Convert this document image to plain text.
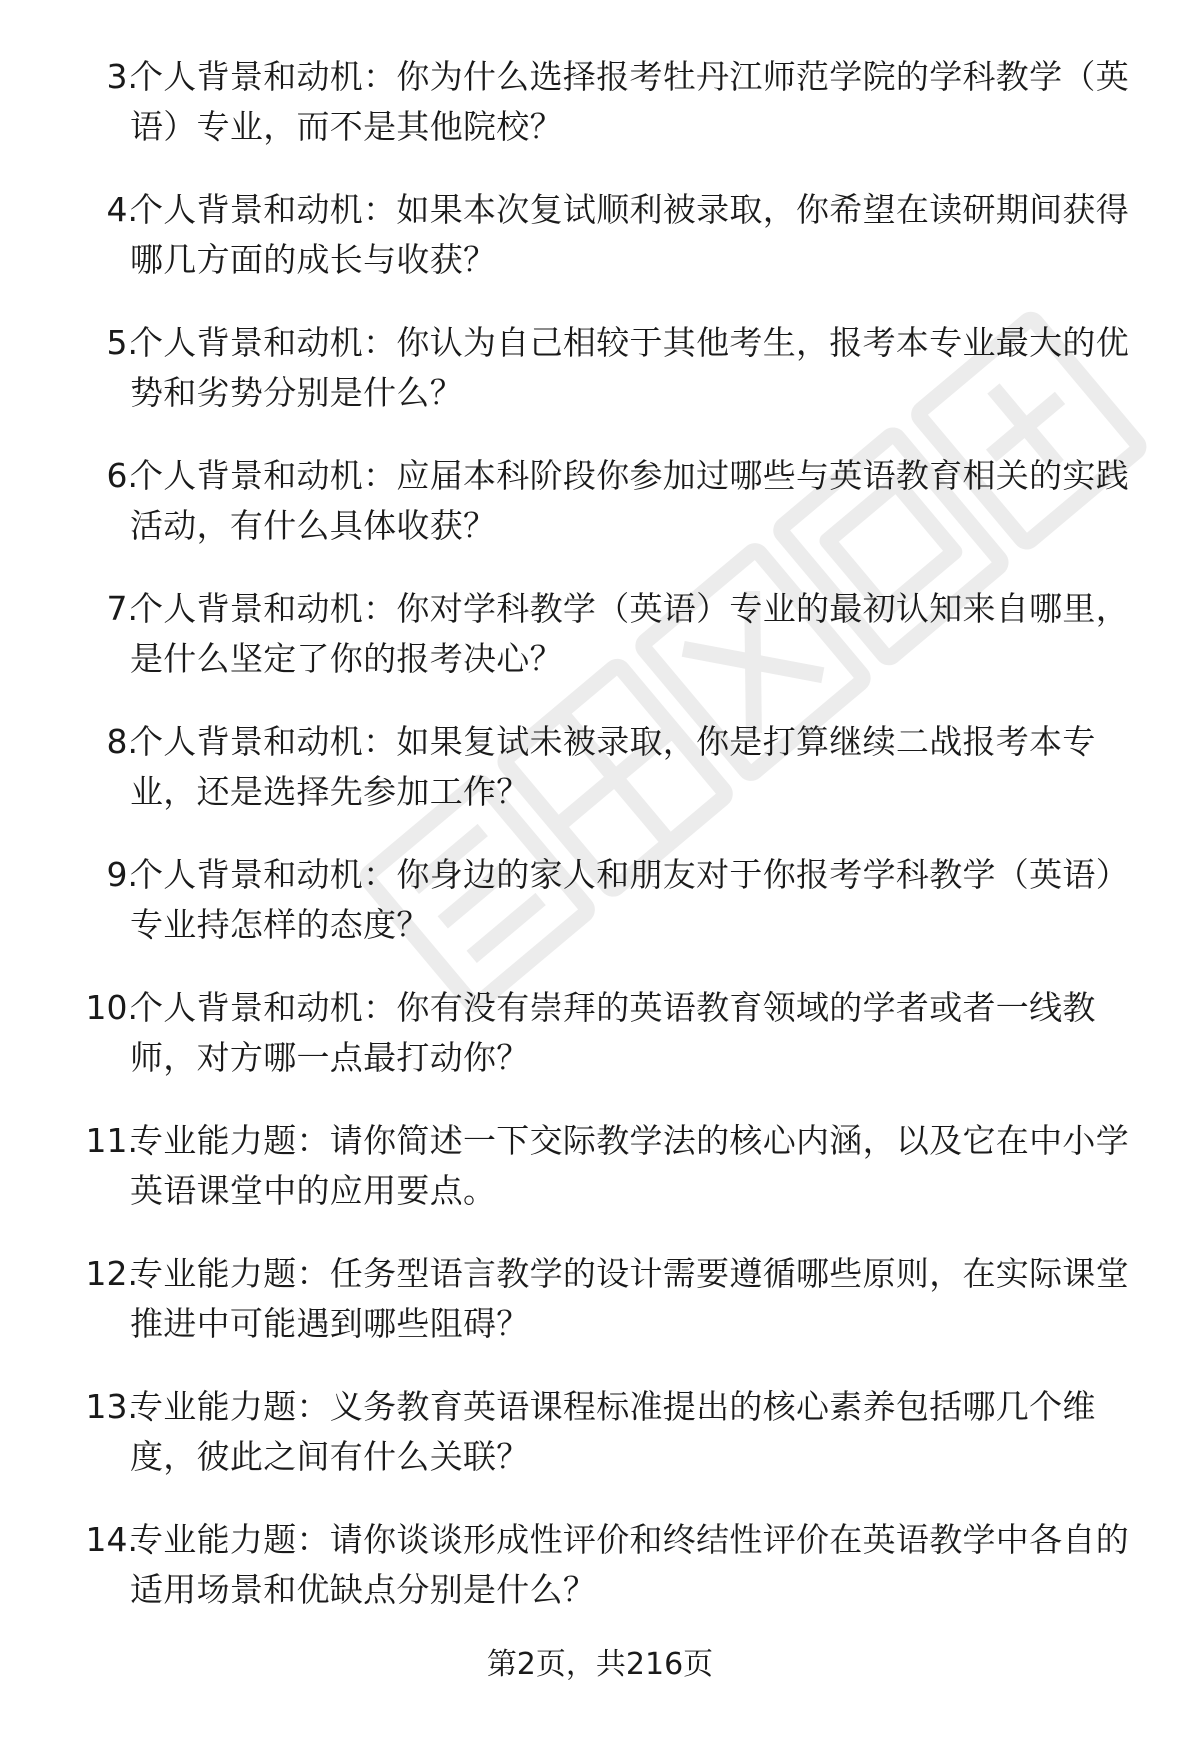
3.
个人背景和动机：你为什么选择报考牡丹江师范学院的学科教学（英语）专业，而不是其他院校？
4.
个人背景和动机：如果本次复试顺利被录取，你希望在读研期间获得哪几方面的成长与收获？
5.
个人背景和动机：你认为自己相较于其他考生，报考本专业最大的优势和劣势分别是什么？
6.
个人背景和动机：应届本科阶段你参加过哪些与英语教育相关的实践活动，有什么具体收获？
7.
个人背景和动机：你对学科教学（英语）专业的最初认知来自哪里，是什么坚定了你的报考决心？
8.
个人背景和动机：如果复试未被录取，你是打算继续二战报考本专业，还是选择先参加工作？
9.
个人背景和动机：你身边的家人和朋友对于你报考学科教学（英语）专业持怎样的态度？
10.
个人背景和动机：你有没有崇拜的英语教育领域的学者或者一线教师，对方哪一点最打动你？
11.
专业能力题：请你简述一下交际教学法的核心内涵，以及它在中小学英语课堂中的应用要点。
12.
专业能力题：任务型语言教学的设计需要遵循哪些原则，在实际课堂推进中可能遇到哪些阻碍？
13.
专业能力题：义务教育英语课程标准提出的核心素养包括哪几个维度，彼此之间有什么关联？
14.
专业能力题：请你谈谈形成性评价和终结性评价在英语教学中各自的适用场景和优缺点分别是什么？
第2页，共216页
